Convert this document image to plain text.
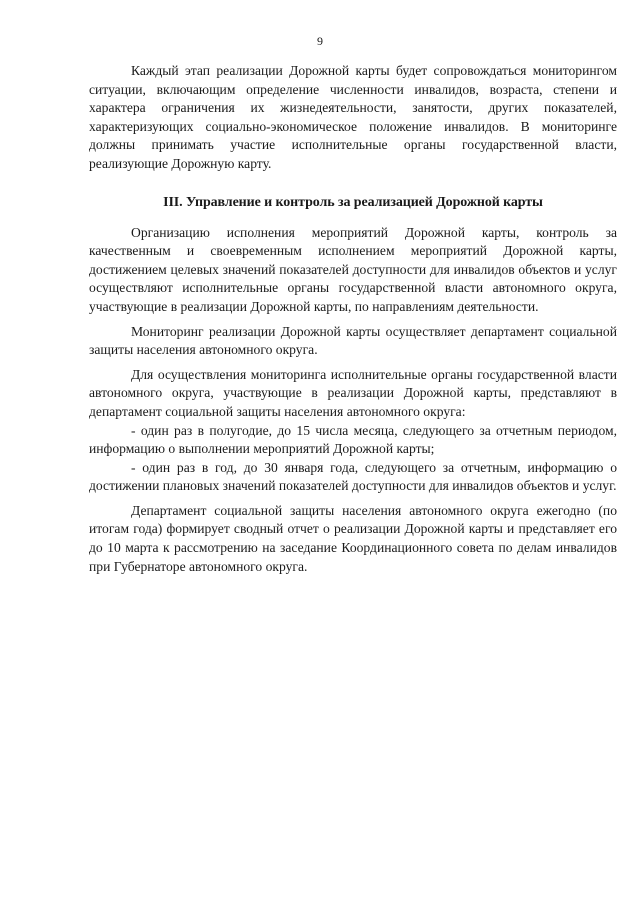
9

Каждый этап реализации Дорожной карты будет сопровождаться мониторингом ситуации, включающим определение численности инвалидов, возраста, степени и характера ограничения их жизнедеятельности, занятости, других показателей, характеризующих социально-экономическое положение инвалидов. В мониторинге должны принимать участие исполнительные органы государственной власти, реализующие Дорожную карту.

III. Управление и контроль за реализацией Дорожной карты

Организацию исполнения мероприятий Дорожной карты, контроль за качественным и своевременным исполнением мероприятий Дорожной карты, достижением целевых значений показателей доступности для инвалидов объектов и услуг осуществляют исполнительные органы государственной власти автономного округа, участвующие в реализации Дорожной карты, по направлениям деятельности.

Мониторинг реализации Дорожной карты осуществляет департамент социальной защиты населения автономного округа.

Для осуществления мониторинга исполнительные органы государственной власти автономного округа, участвующие в реализации Дорожной карты, представляют в департамент социальной защиты населения автономного округа:

- один раз в полугодие, до 15 числа месяца, следующего за отчетным периодом, информацию о выполнении мероприятий Дорожной карты;

- один раз в год, до 30 января года, следующего за отчетным, информацию о достижении плановых значений показателей доступности для инвалидов объектов и услуг.

Департамент социальной защиты населения автономного округа ежегодно (по итогам года) формирует сводный отчет о реализации Дорожной карты и представляет его до 10 марта к рассмотрению на заседание Координационного совета по делам инвалидов при Губернаторе автономного округа.
